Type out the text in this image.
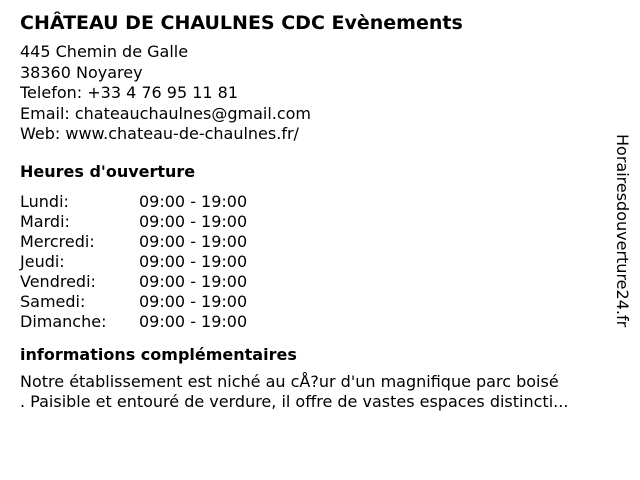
CHÂTEAU DE CHAULNES CDC Evènements
445 Chemin de Galle
38360 Noyarey
Telefon: +33 4 76 95 11 81
Email: chateauchaulnes@gmail.com
Web: www.chateau-de-chaulnes.fr/
Heures d'ouverture
Lundi:	09:00 - 19:00
Mardi:	09:00 - 19:00
Mercredi:	09:00 - 19:00
Jeudi:	09:00 - 19:00
Vendredi:	09:00 - 19:00
Samedi:	09:00 - 19:00
Dimanche:	09:00 - 19:00
informations complémentaires
Notre établissement est niché au cÅ?ur d'un magnifique parc boisé
. Paisible et entouré de verdure, il offre de vastes espaces distincti...
Horairesdouverture24.fr
